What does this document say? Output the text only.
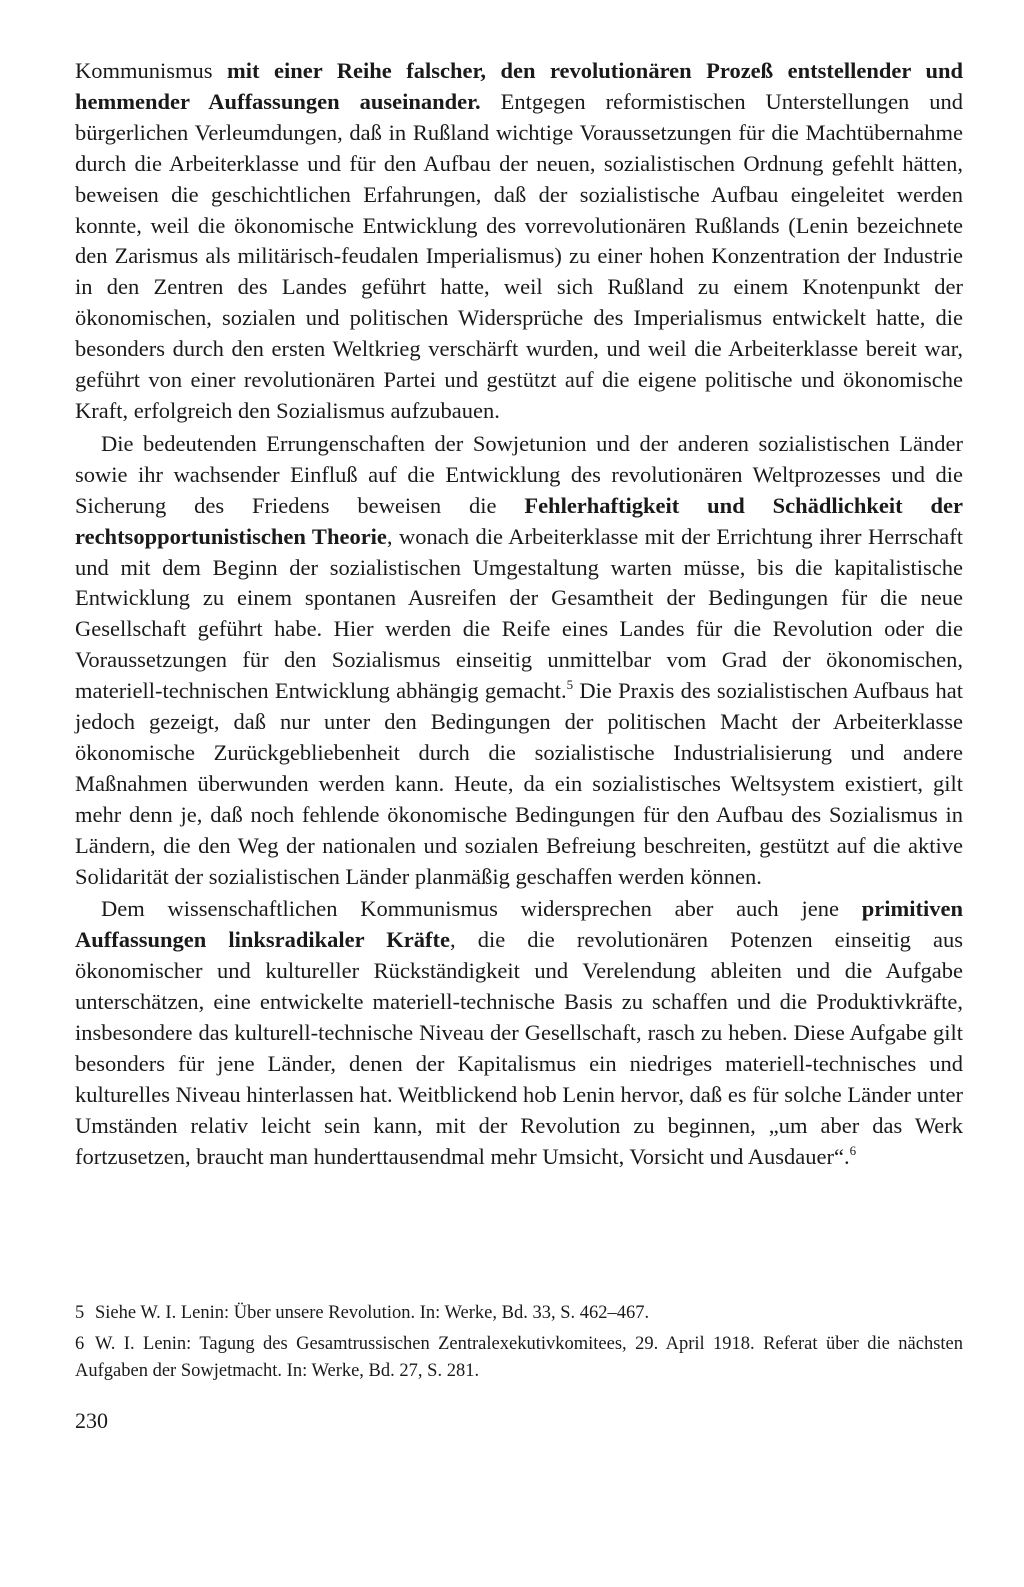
Kommunismus mit einer Reihe falscher, den revolutionären Prozeß entstellender und hemmender Auffassungen auseinander. Entgegen reformistischen Unterstellungen und bürgerlichen Verleumdungen, daß in Rußland wichtige Voraussetzungen für die Machtübernahme durch die Arbeiterklasse und für den Aufbau der neuen, sozialistischen Ordnung gefehlt hätten, beweisen die geschichtlichen Erfahrungen, daß der sozialistische Aufbau eingeleitet werden konnte, weil die ökonomische Entwicklung des vorrevolutionären Rußlands (Lenin bezeichnete den Zarismus als militärisch-feudalen Imperialismus) zu einer hohen Konzentration der Industrie in den Zentren des Landes geführt hatte, weil sich Rußland zu einem Knotenpunkt der ökonomischen, sozialen und politischen Widersprüche des Imperialismus entwickelt hatte, die besonders durch den ersten Weltkrieg verschärft wurden, und weil die Arbeiterklasse bereit war, geführt von einer revolutionären Partei und gestützt auf die eigene politische und ökonomische Kraft, erfolgreich den Sozialismus aufzubauen.

Die bedeutenden Errungenschaften der Sowjetunion und der anderen sozialistischen Länder sowie ihr wachsender Einfluß auf die Entwicklung des revolutionären Weltprozesses und die Sicherung des Friedens beweisen die Fehlerhaftigkeit und Schädlichkeit der rechtsopportunistischen Theorie, wonach die Arbeiterklasse mit der Errichtung ihrer Herrschaft und mit dem Beginn der sozialistischen Umgestaltung warten müsse, bis die kapitalistische Entwicklung zu einem spontanen Ausreifen der Gesamtheit der Bedingungen für die neue Gesellschaft geführt habe. Hier werden die Reife eines Landes für die Revolution oder die Voraussetzungen für den Sozialismus einseitig unmittelbar vom Grad der ökonomischen, materiell-technischen Entwicklung abhängig gemacht.$^5$ Die Praxis des sozialistischen Aufbaus hat jedoch gezeigt, daß nur unter den Bedingungen der politischen Macht der Arbeiterklasse ökonomische Zurückgebliebenheit durch die sozialistische Industrialisierung und andere Maßnahmen überwunden werden kann. Heute, da ein sozialistisches Weltsystem existiert, gilt mehr denn je, daß noch fehlende ökonomische Bedingungen für den Aufbau des Sozialismus in Ländern, die den Weg der nationalen und sozialen Befreiung beschreiten, gestützt auf die aktive Solidarität der sozialistischen Länder planmäßig geschaffen werden können.

Dem wissenschaftlichen Kommunismus widersprechen aber auch jene primitiven Auffassungen linksradikaler Kräfte, die die revolutionären Potenzen einseitig aus ökonomischer und kultureller Rückständigkeit und Verelendung ableiten und die Aufgabe unterschätzen, eine entwickelte materiell-technische Basis zu schaffen und die Produktivkräfte, insbesondere das kulturell-technische Niveau der Gesellschaft, rasch zu heben. Diese Aufgabe gilt besonders für jene Länder, denen der Kapitalismus ein niedriges materiell-technisches und kulturelles Niveau hinterlassen hat. Weitblickend hob Lenin hervor, daß es für solche Länder unter Umständen relativ leicht sein kann, mit der Revolution zu beginnen, „um aber das Werk fortzusetzen, braucht man hunderttausendmal mehr Umsicht, Vorsicht und Ausdauer“.$^6$

5 Siehe W. I. Lenin: Über unsere Revolution. In: Werke, Bd. 33, S. 462–467.

6 W. I. Lenin: Tagung des Gesamtrussischen Zentralexekutivkomitees, 29. April 1918. Referat über die nächsten Aufgaben der Sowjetmacht. In: Werke, Bd. 27, S. 281.

230
